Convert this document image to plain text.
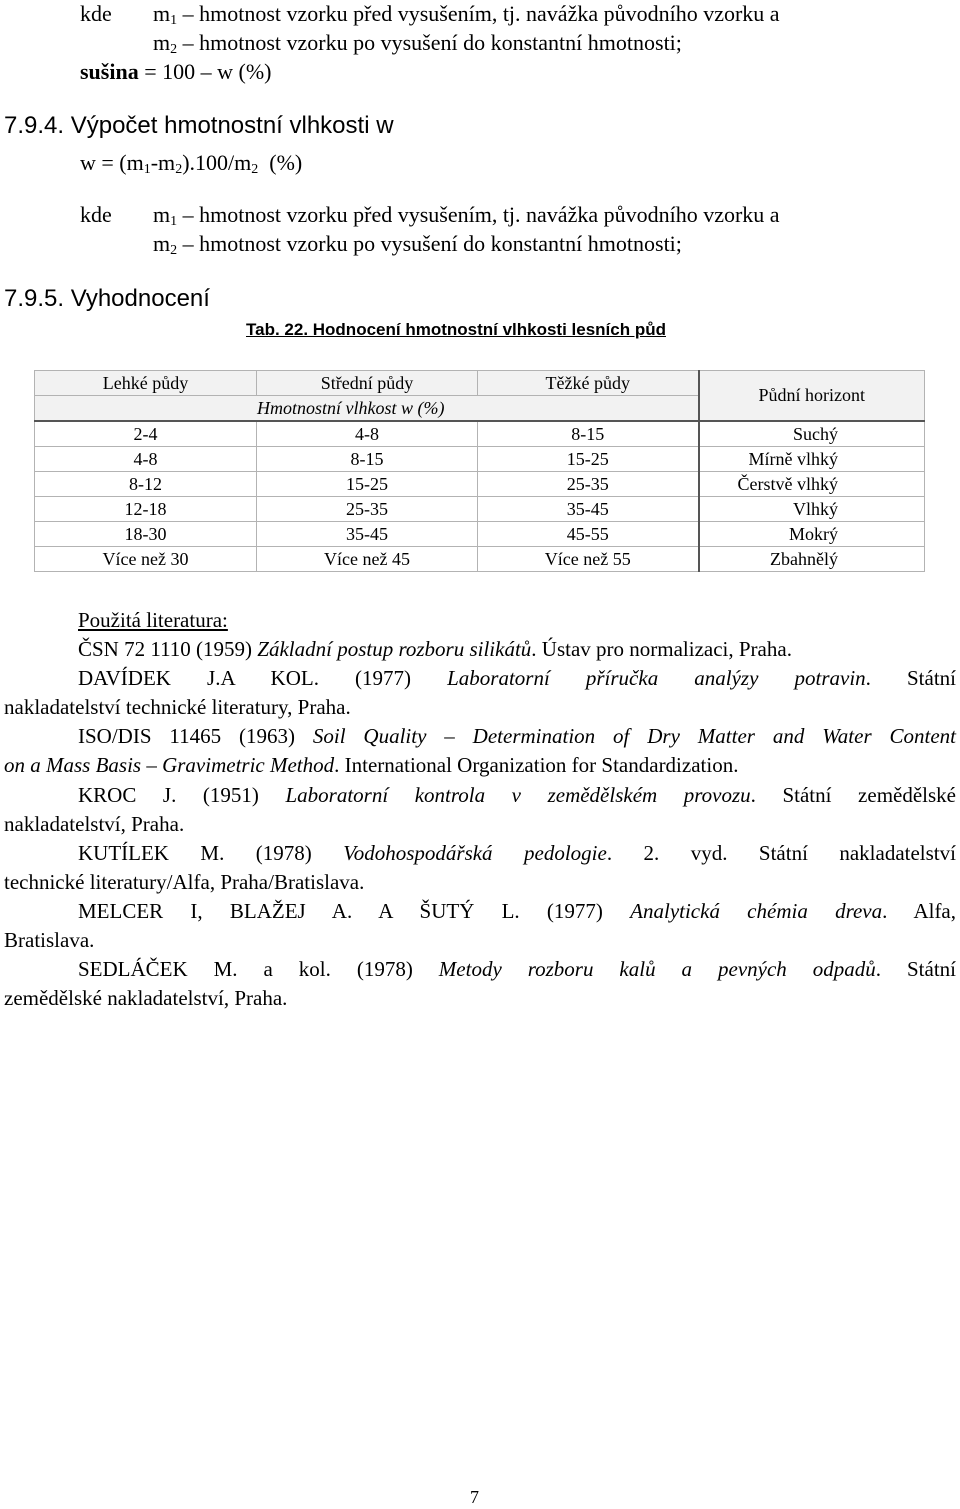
kde $m_1$ – hmotnost vzorku před vysušením, tj. navážka původního vzorku a
$m_2$ – hmotnost vzorku po vysušení do konstantní hmotnosti;
sušina = 100 – w (%)
7.9.4. Výpočet hmotnostní vlhkosti w
$w = (m_1-m_2).100/m_2$ (%)
kde $m_1$ – hmotnost vzorku před vysušením, tj. navážka původního vzorku a
$m_2$ – hmotnost vzorku po vysušení do konstantní hmotnosti;
7.9.5. Vyhodnocení
Tab. 22. Hodnocení hmotnostní vlhkosti lesních půd
Lehké půdy	Střední půdy	Těžké půdy	Půdní horizont
Hmotnostní vlhkost w (%)			
2-4	4-8	8-15	Suchý
4-8	8-15	15-25	Mírně vlhký
8-12	15-25	25-35	Čerstvě vlhký
12-18	25-35	35-45	Vlhký
18-30	35-45	45-55	Mokrý
Více než 30	Více než 45	Více než 55	Zbahnělý
Použitá literatura:
ČSN 72 1110 (1959) Základní postup rozboru silikátů. Ústav pro normalizaci, Praha.
DAVÍDEK J.A KOL. (1977) Laboratorní příručka analýzy potravin. Státní
nakladatelství technické literatury, Praha.
ISO/DIS 11465 (1963) Soil Quality – Determination of Dry Matter and Water Content
on a Mass Basis – Gravimetric Method. International Organization for Standardization.
KROC J. (1951) Laboratorní kontrola v zemědělském provozu. Státní zemědělské
nakladatelství, Praha.
KUTÍLEK M. (1978) Vodohospodářská pedologie. 2. vyd. Státní nakladatelství
technické literatury/Alfa, Praha/Bratislava.
MELCER I, BLAŽEJ A. A ŠUTÝ L. (1977) Analytická chémia dreva. Alfa,
Bratislava.
SEDLÁČEK M. a kol. (1978) Metody rozboru kalů a pevných odpadů. Státní
zemědělské nakladatelství, Praha.
7
